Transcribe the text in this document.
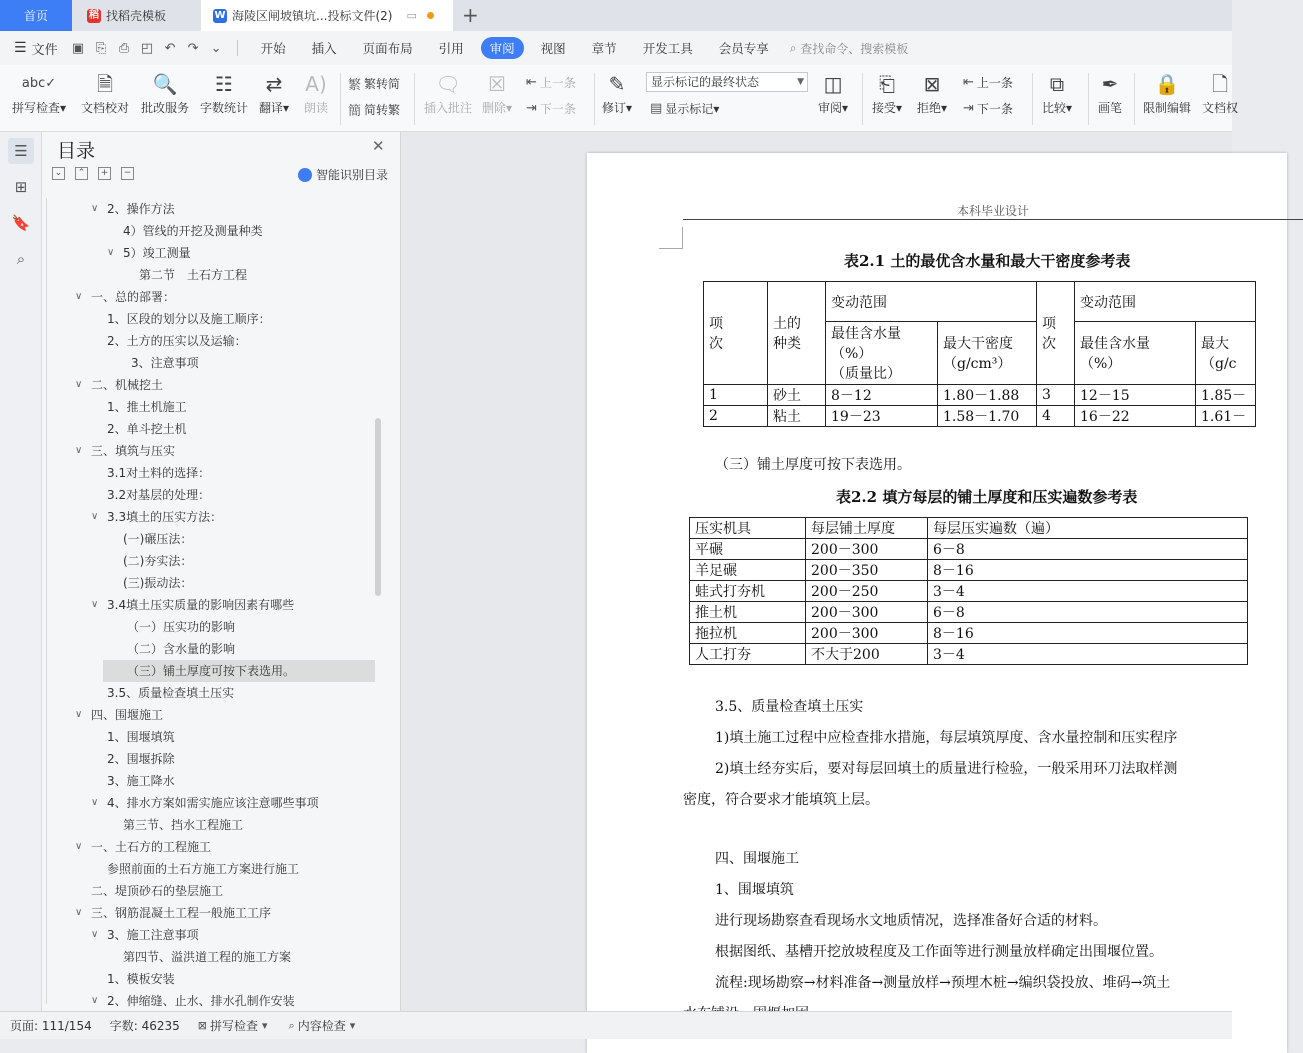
首页	稻 找稻壳模板	W 海陵区闸坡镇坑...投标文件(2) ▭ +
☰ 文件	▣ ⎘ ⎙ ◰ ↶ ↷ ⌄	开始 插入 页面布局 引用	审阅	视图 章节 开发工具 会员专享 ⌕ 查找命令、搜索模板
abc✓
拼写检查▾
🗎
文档校对
🔍
批改服务
☷
字数统计
⇄
翻译▾
A)
朗读
繁 繁转简
簡 简转繁
🗨
插入批注
☒
删除▾
⇤ 上一条
⇥ 下一条
✎
修订▾
显示标记的最终状态	▼
▤ 显示标记 ▾
◫
审阅▾
⎗
接受▾
⊠
拒绝▾
⇤ 上一条
⇥ 下一条
⧉
比较▾
✒
画笔
🔒
限制编辑
🗋
文档权
☰
⊞
🔖
⌕
目录	✕
⌄	⌃	+	−	智能识别目录
∨ 2、操作方法
4）管线的开挖及测量种类
∨ 5）竣工测量
第二节　土石方工程
∨ 一、总的部署：
1、区段的划分以及施工顺序：
2、土方的压实以及运输：
3、注意事项
∨ 二、机械挖土
1、推土机施工
2、单斗挖土机
∨ 三、填筑与压实
3.1对土料的选择：
3.2对基层的处理：
∨ 3.3填土的压实方法：
(一)碾压法：
(二)夯实法：
(三)振动法：
∨ 3.4填土压实质量的影响因素有哪些
（一）压实功的影响
（二）含水量的影响
（三）铺土厚度可按下表选用。
3.5、质量检查填土压实
∨ 四、围堰施工
1、围堰填筑
2、围堰拆除
3、施工降水
∨ 4、排水方案如需实施应该注意哪些事项
第三节、挡水工程施工
∨ 一、土石方的工程施工
参照前面的土石方施工方案进行施工
二、堤顶砂石的垫层施工
∨ 三、钢筋混凝土工程一般施工工序
∨ 3、施工注意事项
第四节、溢洪道工程的施工方案
1、模板安装
∨ 2、伸缩缝、止水、排水孔制作安装
本科毕业设计
表2.1 土的最优含水量和最大干密度参考表
项
次	土的
种类	变动范围		项
次	变动范围	
		最佳含水量
（%）
（质量比）	最大干密度
（g/cm³）		最佳含水量
（%）	最大
（g/c
1	砂土	8－12	1.80－1.88	3	12－15	1.85－
2	粘土	19－23	1.58－1.70	4	16－22	1.61－
（三）铺土厚度可按下表选用。
表2.2 填方每层的铺土厚度和压实遍数参考表
压实机具	每层铺土厚度	每层压实遍数（遍）
平碾	200－300	6－8
羊足碾	200－350	8－16
蛙式打夯机	200－250	3－4
推土机	200－300	6－8
拖拉机	200－300	8－16
人工打夯	不大于200	3－4
3.5、质量检查填土压实
1)填土施工过程中应检查排水措施，每层填筑厚度、含水量控制和压实程序
2)填土经夯实后，要对每层回填土的质量进行检验，一般采用环刀法取样测
密度，符合要求才能填筑上层。
四、围堰施工
1、围堰填筑
进行现场勘察查看现场水文地质情况，选择准备好合适的材料。
根据图纸、基槽开挖放坡程度及工作面等进行测量放样确定出围堰位置。
流程:现场勘察→材料准备→测量放样→预埋木桩→编织袋投放、堆码→筑土
页面: 111/154 字数: 46235 ⊠ 拼写检查 ▾ ⌕ 内容检查 ▾
